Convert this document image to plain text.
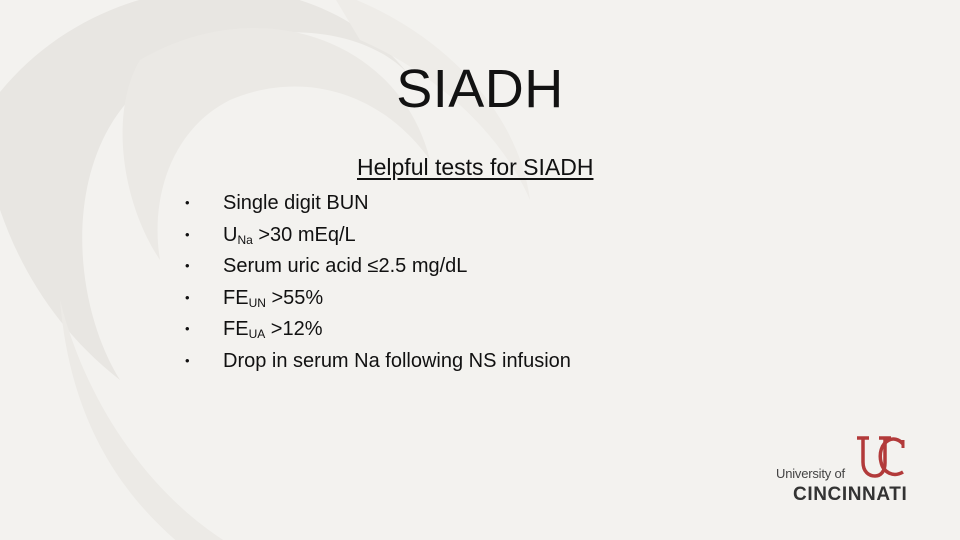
SIADH
Helpful tests for SIADH
• Single digit BUN
• $U_{Na} >30$ mEq/L
• Serum uric acid ≤2.5 mg/dL
• $FE_{UN} >55\%$
• $FE_{UA} >12\%$
• Drop in serum Na following NS infusion
University of
CINCINNATI
